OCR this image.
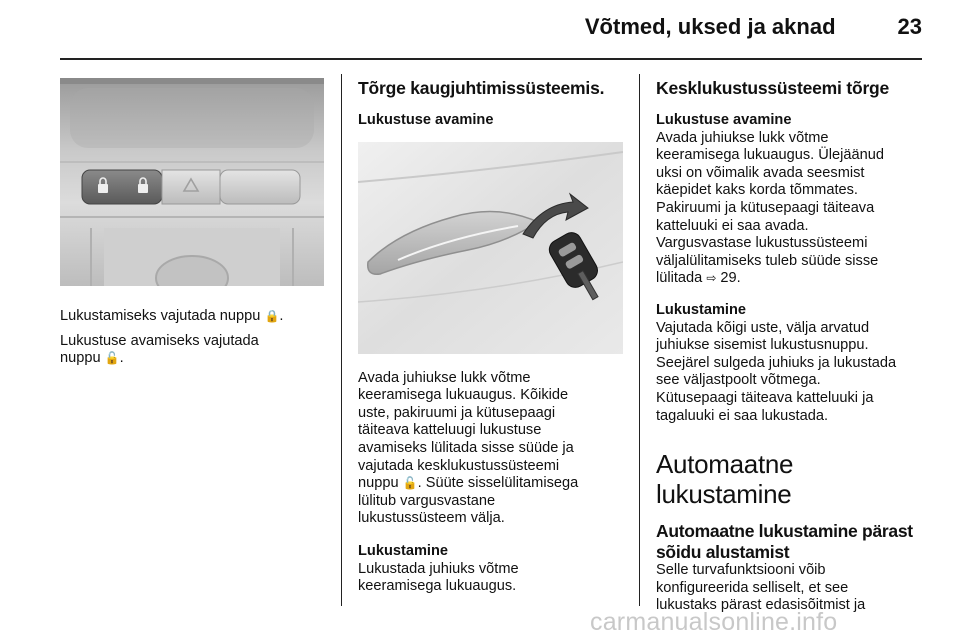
Võtmed, uksed ja aknad	23

Lukustamiseks vajutada nuppu 🔒.

Lukustuse avamiseks vajutada
nuppu 🔓.

Tõrge kaugjuhtimissüsteemis.
Lukustuse avamine

Avada juhiukse lukk võtme
keeramisega lukuaugus. Kõikide
uste, pakiruumi ja kütusepaagi
täiteava katteluugi lukustuse
avamiseks lülitada sisse süüde ja
vajutada kesklukustussüsteemi
nuppu 🔓. Süüte sisselülitamisega
lülitub vargusvastane
lukustussüsteem välja.

Lukustamine

Lukustada juhiuks võtme
keeramisega lukuaugus.

Kesklukustussüsteemi tõrge
Lukustuse avamine

Avada juhiukse lukk võtme
keeramisega lukuaugus. Ülejäänud
uksi on võimalik avada seesmist
käepidet kaks korda tõmmates.
Pakiruumi ja kütusepaagi täiteava
katteluuki ei saa avada.
Vargusvastase lukustussüsteemi
väljalülitamiseks tuleb süüde sisse
lülitada ⇨ 29.

Lukustamine

Vajutada kõigi uste, välja arvatud
juhiukse sisemist lukustusnuppu.
Seejärel sulgeda juhiuks ja lukustada
see väljastpoolt võtmega.
Kütusepaagi täiteava katteluuki ja
tagaluuki ei saa lukustada.

Automaatne lukustamine
Automaatne lukustamine pärast
sõidu alustamist

Selle turvafunktsiooni võib
konfigureerida selliselt, et see
lukustaks pärast edasisõitmist ja

carmanualsonline.info
